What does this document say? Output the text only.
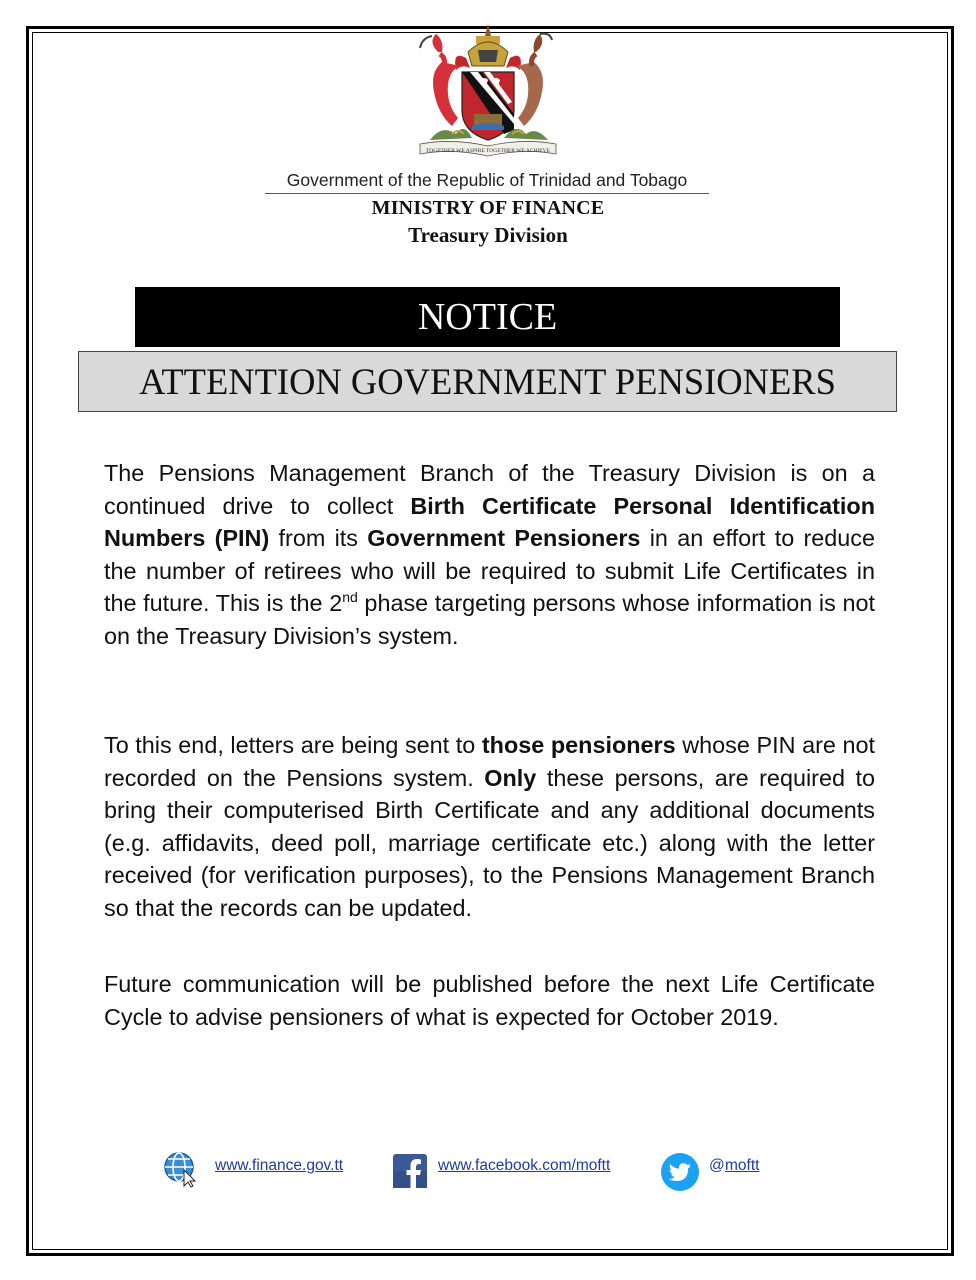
TOGETHER WE ASPIRE TOGETHER WE ACHIEVE
Government of the Republic of Trinidad and Tobago
MINISTRY OF FINANCE
Treasury Division
NOTICE
ATTENTION GOVERNMENT PENSIONERS

The Pensions Management Branch of the Treasury Division is on a continued drive to collect Birth Certificate Personal Identification Numbers (PIN) from its Government Pensioners in an effort to reduce the number of retirees who will be required to submit Life Certificates in the future. This is the 2nd phase targeting persons whose information is not on the Treasury Division’s system.

To this end, letters are being sent to those pensioners whose PIN are not recorded on the Pensions system. Only these persons, are required to bring their computerised Birth Certificate and any additional documents (e.g. affidavits, deed poll, marriage certificate etc.) along with the letter received (for verification purposes), to the Pensions Management Branch so that the records can be updated.

Future communication will be published before the next Life Certificate Cycle to advise pensioners of what is expected for October 2019.

www.finance.gov.tt	www.facebook.com/moftt	@ moftt
